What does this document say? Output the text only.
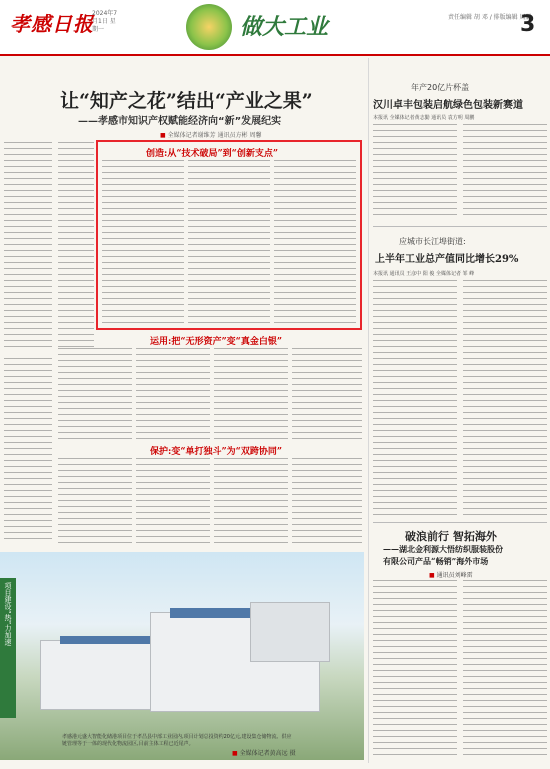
孝感日报
2024年7月1日 星期一	做大工业	责任编辑 胡 邓 / 排版编辑 周鹏
3
让“知产之花”结出“产业之果”
——孝感市知识产权赋能经济向“新”发展纪实
■ 全媒体记者谢维芳 通讯员方彬 周馨
创造:从“技术破局”到“创新支点”
运用:把“无形资产”变“真金白银”
保护:变“单打独斗”为“双跨协同”
项目建设“热”力加速
孝感港元盛大智能化储港项目位于孝昌县中部工业园内,项目计划总投资约20亿元,建设集仓储物流、供应链管理等于一体的现代化物流园区,目前主体工程已近尾声。
■ 全媒体记者黄高远 摄
年产20亿片杯盖
汉川卓丰包装启航绿色包装新赛道
本报讯 全媒体记者黄志勤 通讯员 袁方明 周鹏
应城市长江埠街道:
上半年工业总产值同比增长29%
本报讯 通讯员 王彦中 阳 俊 全媒体记者 邹 峰
破浪前行 智拓海外
——湖北金利源大悟纺织服装股份
有限公司产品“畅销”海外市场
■ 通讯员刘峰雷
